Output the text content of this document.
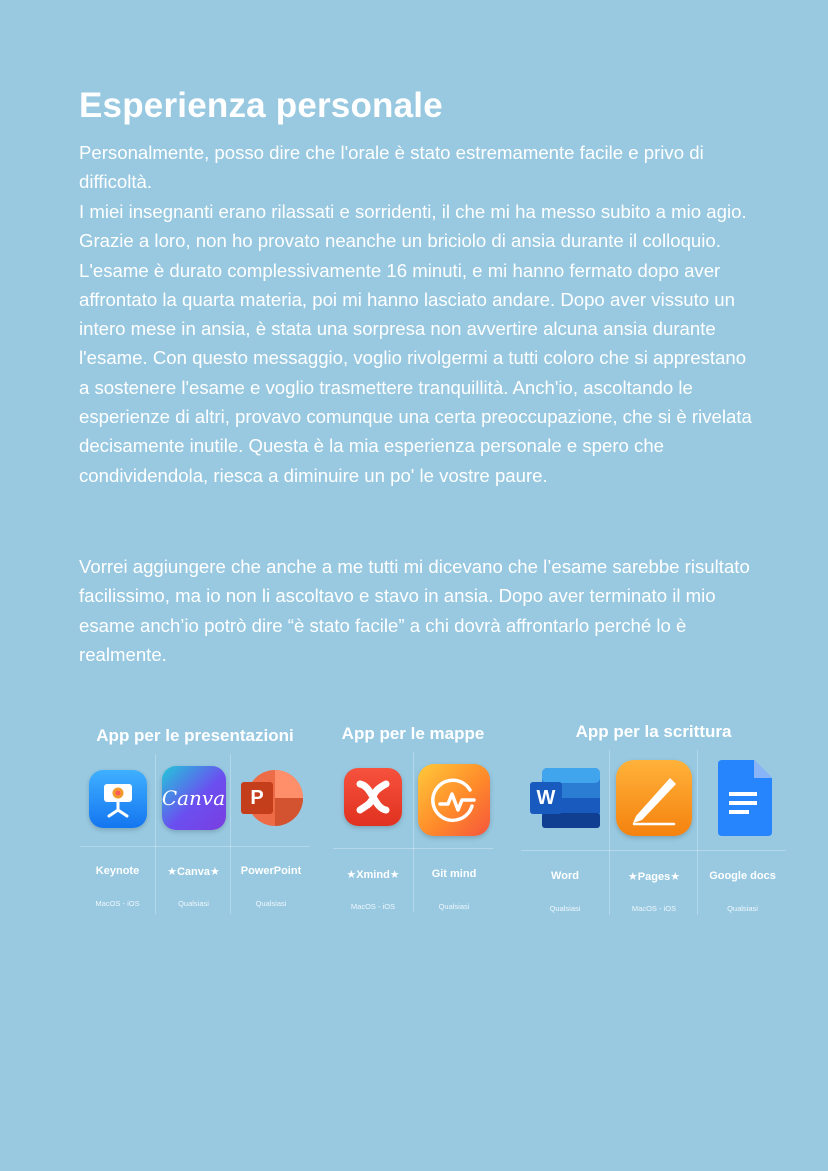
Esperienza personale

Personalmente, posso dire che l'orale è stato estremamente facile e privo di difficoltà.

I miei insegnanti erano rilassati e sorridenti, il che mi ha messo subito a mio agio. Grazie a loro, non ho provato neanche un briciolo di ansia durante il colloquio. L'esame è durato complessivamente 16 minuti, e mi hanno fermato dopo aver affrontato la quarta materia, poi mi hanno lasciato andare. Dopo aver vissuto un intero mese in ansia, è stata una sorpresa non avvertire alcuna ansia durante l'esame. Con questo messaggio, voglio rivolgermi a tutti coloro che si apprestano a sostenere l'esame e voglio trasmettere tranquillità. Anch'io, ascoltando le esperienze di altri, provavo comunque una certa preoccupazione, che si è rivelata decisamente inutile. Questa è la mia esperienza personale e spero che condividendola, riesca a diminuire un po' le vostre paure.

Vorrei aggiungere che anche a me tutti mi dicevano che l’esame sarebbe risultato facilissimo, ma io non li ascoltavo e stavo in ansia. Dopo aver terminato il mio esame anch’io potrò dire “è stato facile” a chi dovrà affrontarlo perché lo è realmente.

App per le presentazioni
Keynote
MacOS - iOS
Canva
★Canva★
Qualsiasi
P
PowerPoint
Qualsiasi
App per le mappe
★Xmind★
MacOS - iOS
Git mind
Qualsiasi
App per la scrittura
W
Word
Qualsiasi
★Pages★
MacOS - iOS
Google docs
Qualsiasi
